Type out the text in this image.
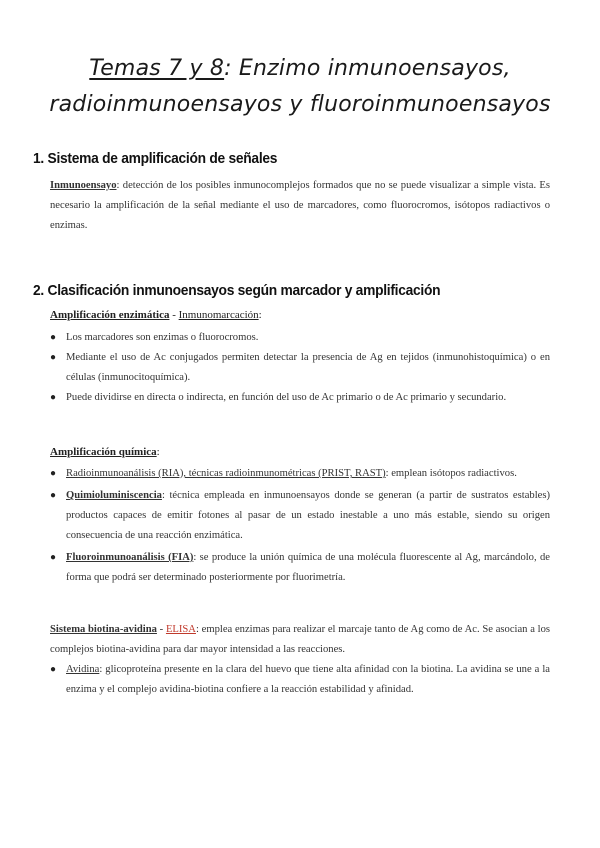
Temas 7 y 8: Enzimo inmunoensayos,
radioinmunoensayos y fluoroinmunoensayos
1. Sistema de amplificación de señales
Inmunoensayo: detección de los posibles inmunocomplejos formados que no se puede visualizar a simple vista. Es necesario la amplificación de la señal mediante el uso de marcadores, como fluorocromos, isótopos radiactivos o enzimas.
2. Clasificación inmunoensayos según marcador y amplificación
Amplificación enzimática - Inmunomarcación:
● Los marcadores son enzimas o fluorocromos.
● Mediante el uso de Ac conjugados permiten detectar la presencia de Ag en tejidos (inmunohistoquímica) o en células (inmunocitoquímica).
● Puede dividirse en directa o indirecta, en función del uso de Ac primario o de Ac primario y secundario.
Amplificación química:
● Radioinmunoanálisis (RIA), técnicas radioinmunométricas (PRIST, RAST): emplean isótopos radiactivos.
● Quimioluminiscencia: técnica empleada en inmunoensayos donde se generan (a partir de sustratos estables) productos capaces de emitir fotones al pasar de un estado inestable a uno más estable, siendo su origen consecuencia de una reacción enzimática.
● Fluoroinmunoanálisis (FIA): se produce la unión química de una molécula fluorescente al Ag, marcándolo, de forma que podrá ser determinado posteriormente por fluorimetría.
Sistema biotina-avidina - ELISA: emplea enzimas para realizar el marcaje tanto de Ag como de Ac. Se asocian a los complejos biotina-avidina para dar mayor intensidad a las reacciones.
● Avidina: glicoproteína presente en la clara del huevo que tiene alta afinidad con la biotina. La avidina se une a la enzima y el complejo avidina-biotina confiere a la reacción estabilidad y afinidad.
